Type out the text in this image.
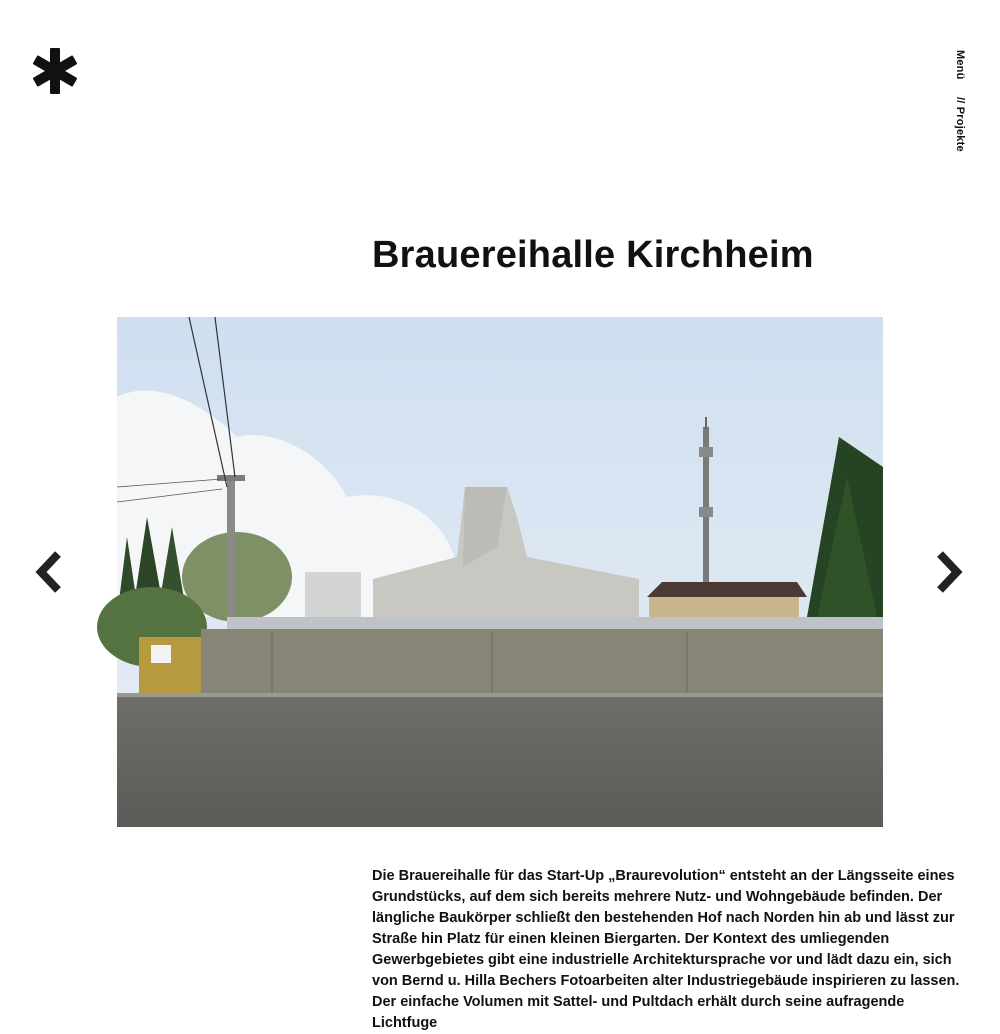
Menü
// Projekte
Brauereihalle Kirchheim

Die Brauereihalle für das Start-Up „Braurevolution“ entsteht an der Längsseite eines Grundstücks, auf dem sich bereits mehrere Nutz- und Wohngebäude befinden. Der längliche Baukörper schließt den bestehenden Hof nach Norden hin ab und lässt zur Straße hin Platz für einen kleinen Biergarten. Der Kontext des umliegenden Gewerbgebietes gibt eine industrielle Architektursprache vor und lädt dazu ein, sich von Bernd u. Hilla Bechers Fotoarbeiten alter Industriegebäude inspirieren zu lassen. Der einfache Volumen mit Sattel‑ und Pultdach erhält durch seine aufragende Lichtfuge
